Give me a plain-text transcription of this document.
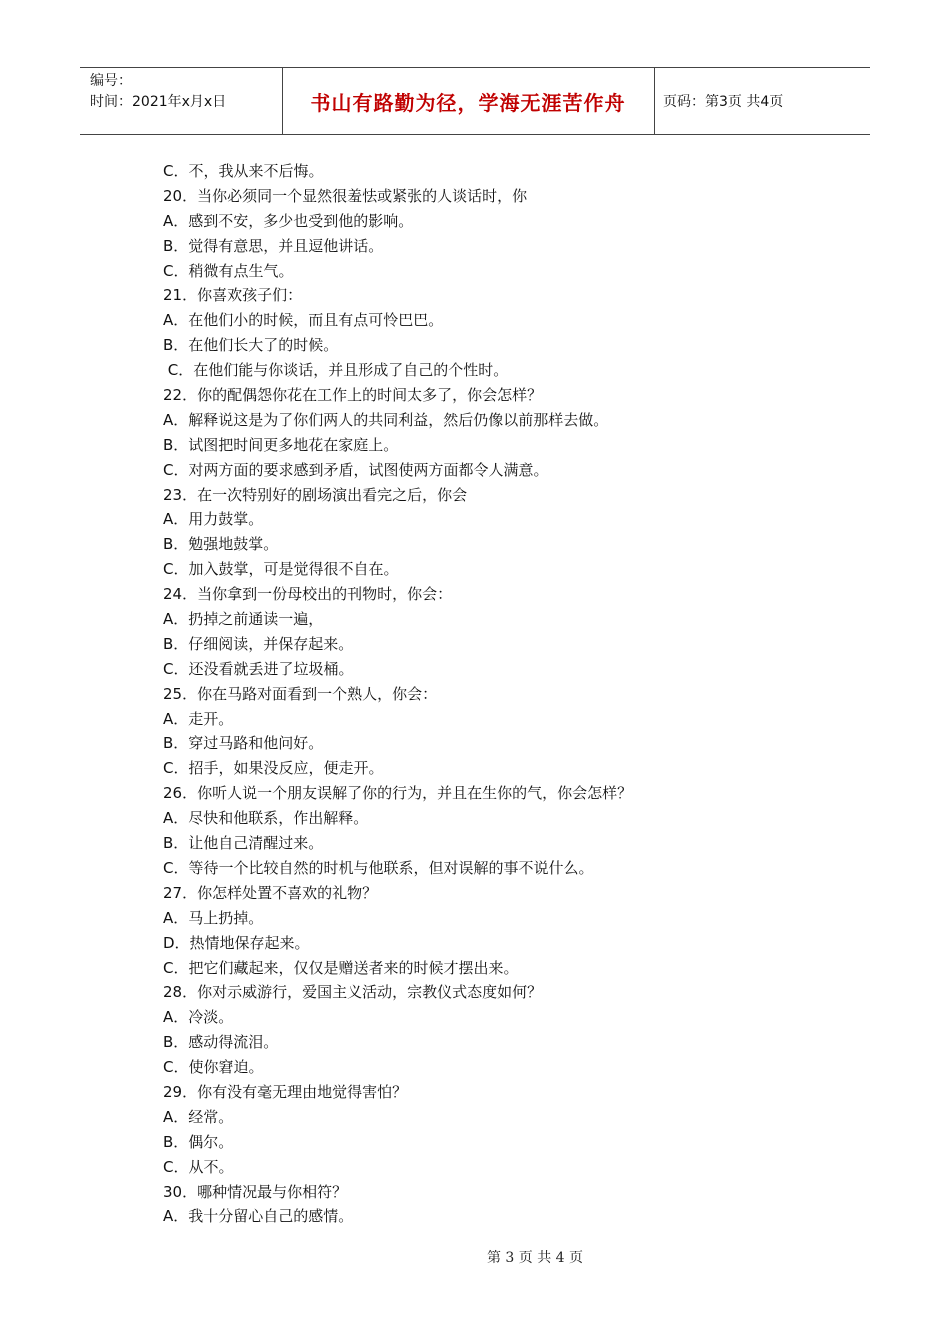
编号：
时间：2021年x月x日	书山有路勤为径，学海无涯苦作舟	页码：第3页 共4页
C．不，我从来不后悔。
20．当你必须同一个显然很羞怯或紧张的人谈话时，你
A．感到不安，多少也受到他的影响。
B．觉得有意思，并且逗他讲话。
C．稍微有点生气。
21．你喜欢孩子们：
A．在他们小的时候，而且有点可怜巴巴。
B．在他们长大了的时候。
C．在他们能与你谈话，并且形成了自己的个性时。
22．你的配偶怨你花在工作上的时间太多了，你会怎样？
A．解释说这是为了你们两人的共同利益，然后仍像以前那样去做。
B．试图把时间更多地花在家庭上。
C．对两方面的要求感到矛盾，试图使两方面都令人满意。
23．在一次特别好的剧场演出看完之后，你会
A．用力鼓掌。
B．勉强地鼓掌。
C．加入鼓掌，可是觉得很不自在。
24．当你拿到一份母校出的刊物时，你会：
A．扔掉之前通读一遍，
B．仔细阅读，并保存起来。
C．还没看就丢进了垃圾桶。
25．你在马路对面看到一个熟人，你会：
A．走开。
B．穿过马路和他问好。
C．招手，如果没反应，便走开。
26．你听人说一个朋友误解了你的行为，并且在生你的气，你会怎样？
A．尽快和他联系，作出解释。
B．让他自己清醒过来。
C．等待一个比较自然的时机与他联系，但对误解的事不说什么。
27．你怎样处置不喜欢的礼物？
A．马上扔掉。
D．热情地保存起来。
C．把它们藏起来，仅仅是赠送者来的时候才摆出来。
28．你对示威游行，爱国主义活动，宗教仪式态度如何？
A．冷淡。
B．感动得流泪。
C．使你窘迫。
29．你有没有毫无理由地觉得害怕？
A．经常。
B．偶尔。
C．从不。
30．哪种情况最与你相符？
A．我十分留心自己的感情。
第 3 页 共 4 页
